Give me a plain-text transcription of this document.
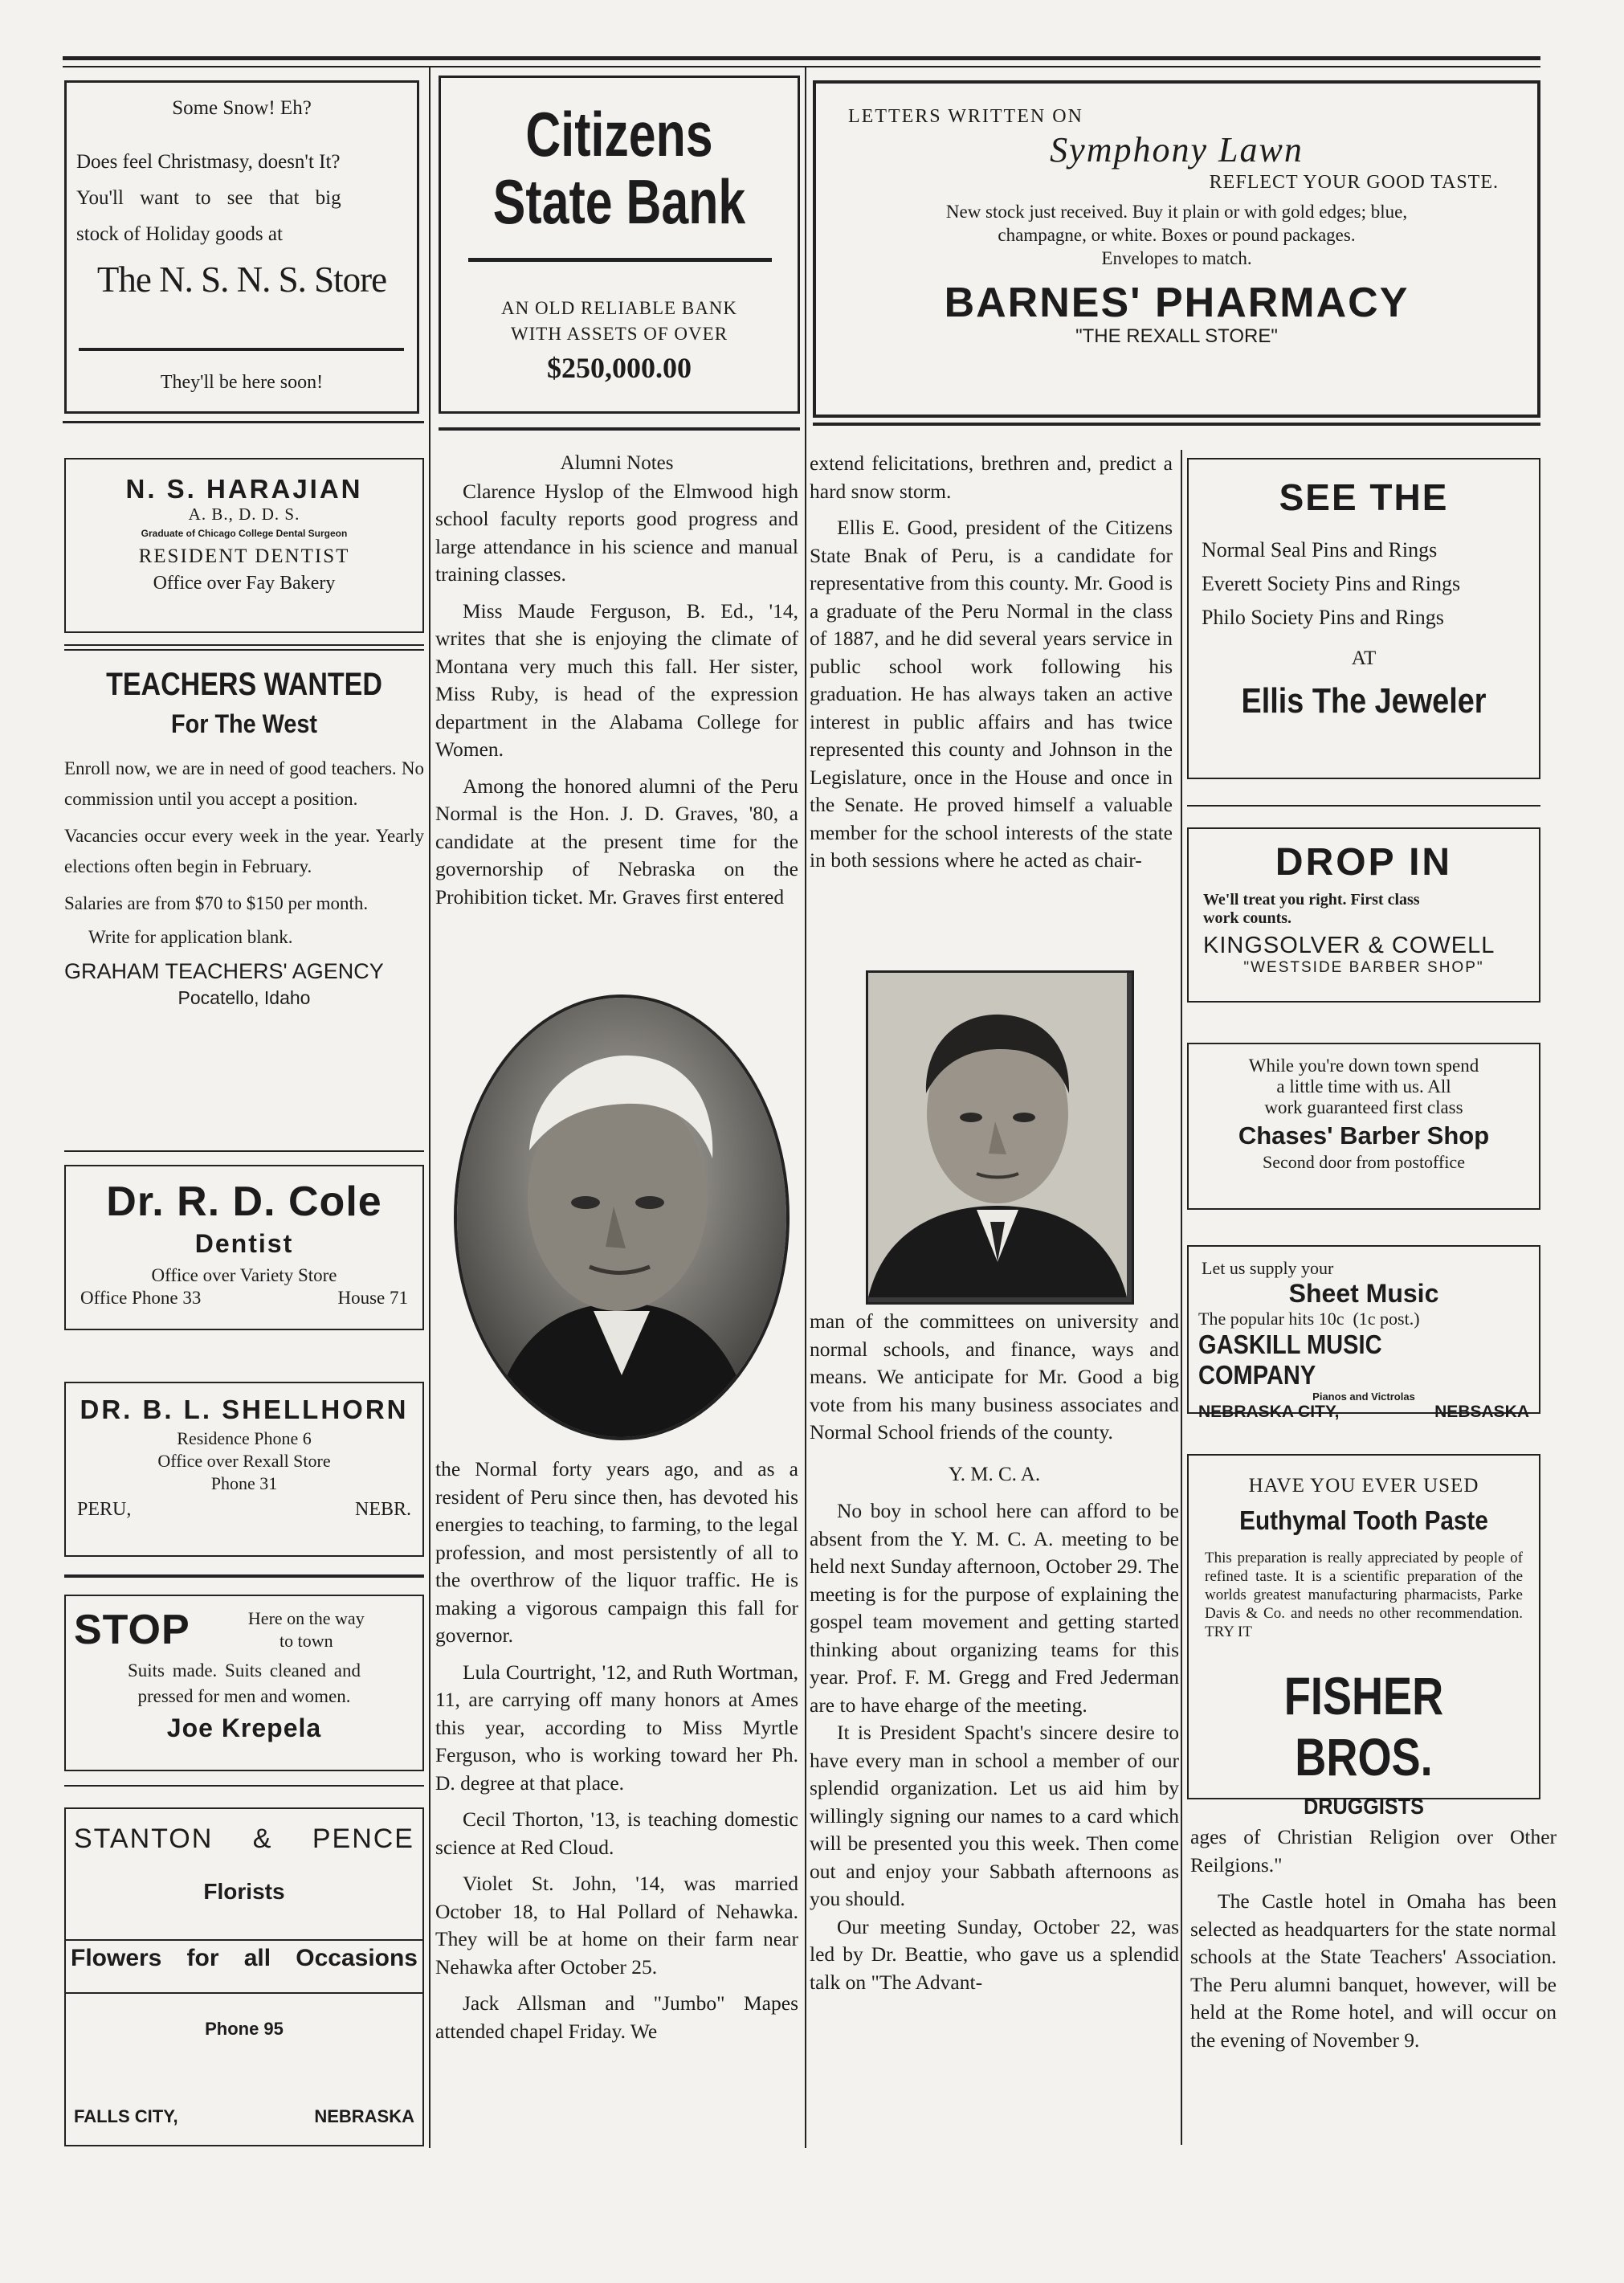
Some Snow! Eh?
Does feel Christmasy, doesn't It?
You'll want to see that big
stock of Holiday goods at
The N. S. N. S. Store
They'll be here soon!
Citizens
State Bank
AN OLD RELIABLE BANK
WITH ASSETS OF OVER
$250,000.00
LETTERS WRITTEN ON
Symphony Lawn
REFLECT YOUR GOOD TASTE.
New stock just received. Buy it plain or with gold edges; blue,
champagne, or white. Boxes or pound packages.
Envelopes to match.
BARNES' PHARMACY
"THE REXALL STORE"
N. S. HARAJIAN
A. B., D. D. S.
Graduate of Chicago College Dental Surgeon
RESIDENT DENTIST
Office over Fay Bakery
TEACHERS WANTED
For The West
Enroll now, we are in need of good teachers. No commission until you accept a position.
Vacancies occur every week in the year. Yearly elections often begin in February.
Salaries are from $70 to $150 per month.
Write for application blank.
GRAHAM TEACHERS' AGENCY
Pocatello, Idaho
Dr. R. D. Cole
Dentist
Office over Variety Store
Office Phone 33	House 71
DR. B. L. SHELLHORN
Residence Phone 6
Office over Rexall Store
Phone 31
PERU,	NEBR.
STOP	Here on the way
to town
Suits made. Suits cleaned and
pressed for men and women.
Joe Krepela
STANTON & PENCE
Florists
Flowers for all Occasions
Phone 95
FALLS CITY,	NEBRASKA
Alumni Notes

Clarence Hyslop of the Elmwood high school faculty reports good progress and large attendance in his science and manual training classes.

Miss Maude Ferguson, B. Ed., '14, writes that she is enjoying the climate of Montana very much this fall. Her sister, Miss Ruby, is head of the expression department in the Alabama College for Women.

Among the honored alumni of the Peru Normal is the Hon. J. D. Graves, '80, a candidate at the present time for the governorship of Nebraska on the Prohibition ticket. Mr. Graves first entered

the Normal forty years ago, and as a resident of Peru since then, has devoted his energies to teaching, to farming, to the legal profession, and most persistently of all to the overthrow of the liquor traffic. He is making a vigorous campaign this fall for governor.

Lula Courtright, '12, and Ruth Wortman, 11, are carrying off many honors at Ames this year, according to Miss Myrtle Ferguson, who is working toward her Ph. D. degree at that place.

Cecil Thorton, '13, is teaching domestic science at Red Cloud.

Violet St. John, '14, was married October 18, to Hal Pollard of Nehawka. They will be at home on their farm near Nehawka after October 25.

Jack Allsman and "Jumbo" Mapes attended chapel Friday. We

extend felicitations, brethren and, predict a hard snow storm.

Ellis E. Good, president of the Citizens State Bnak of Peru, is a candidate for representative from this county. Mr. Good is a graduate of the Peru Normal in the class of 1887, and he did several years service in public school work following his graduation. He has always taken an active interest in public affairs and has twice represented this county and Johnson in the Legislature, once in the House and once in the Senate. He proved himself a valuable member for the school interests of the state in both sessions where he acted as chair-

man of the committees on university and normal schools, and finance, ways and means. We anticipate for Mr. Good a big vote from his many business associates and Normal School friends of the county.

Y. M. C. A.

No boy in school here can afford to be absent from the Y. M. C. A. meeting to be held next Sunday afternoon, October 29. The meeting is for the purpose of explaining the gospel team movement and getting started thinking about organizing teams for this year. Prof. F. M. Gregg and Fred Jederman are to have eharge of the meeting.

It is President Spacht's sincere desire to have every man in school a member of our splendid organization. Let us aid him by willingly signing our names to a card which will be presented you this week. Then come out and enjoy your Sabbath afternoons as you should.

Our meeting Sunday, October 22, was led by Dr. Beattie, who gave us a splendid talk on "The Advant-

SEE THE
Normal Seal Pins and Rings
Everett Society Pins and Rings
Philo Society Pins and Rings
AT
Ellis The Jeweler
DROP IN
We'll treat you right. First class
work counts.
KINGSOLVER & COWELL
"WESTSIDE BARBER SHOP"
While you're down town spend
a little time with us. All
work guaranteed first class
Chases' Barber Shop
Second door from postoffice
Let us supply your
Sheet Music
The popular hits 10c  (1c post.)
GASKILL MUSIC COMPANY
Pianos and Victrolas
NEBRASKA CITY,	NEBSASKA
HAVE YOU EVER USED
Euthymal Tooth Paste
This preparation is really appreciated by people of refined taste. It is a scientific preparation of the worlds greatest manufacturing pharmacists, Parke Davis & Co. and needs no other recommendation. TRY IT
FISHER BROS.
DRUGGISTS

ages of Christian Religion over Other Reilgions."

The Castle hotel in Omaha has been selected as headquarters for the state normal schools at the State Teachers' Association. The Peru alumni banquet, however, will be held at the Rome hotel, and will occur on the evening of November 9.
